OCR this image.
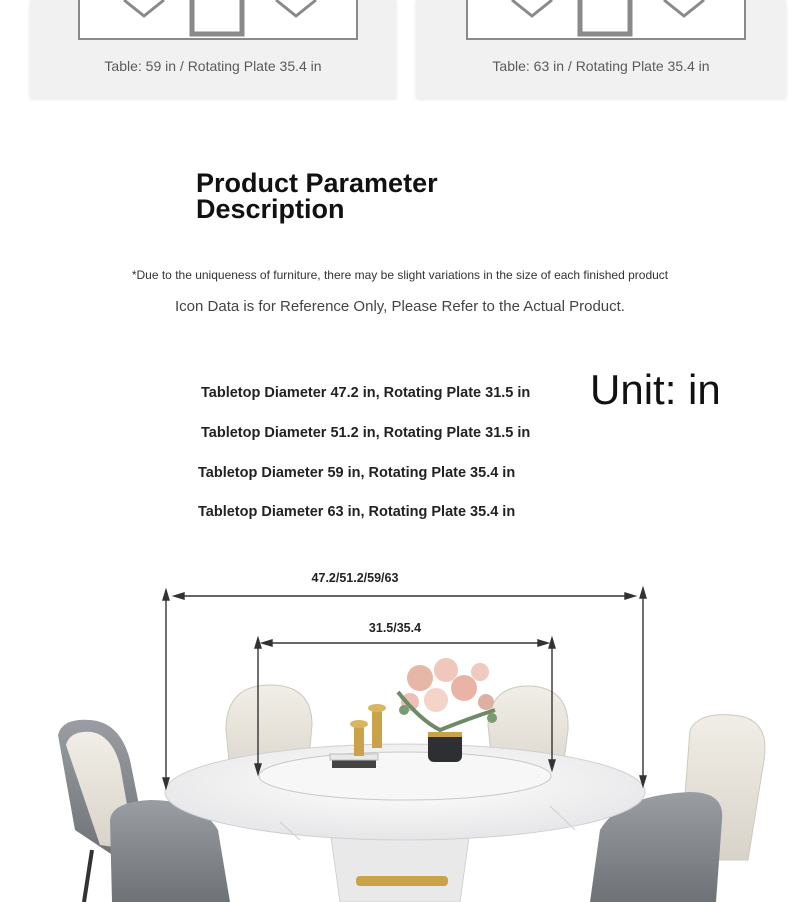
Table: 59 in / Rotating Plate 35.4 in	Table: 63 in / Rotating Plate 35.4 in
Product Parameter Description
*Due to the uniqueness of furniture, there may be slight variations in the size of each finished product
Icon Data is for Reference Only, Please Refer to the Actual Product.
Tabletop Diameter 47.2 in, Rotating Plate 31.5 in
Tabletop Diameter 51.2 in, Rotating Plate 31.5 in
Tabletop Diameter 59 in, Rotating Plate 35.4 in
Tabletop Diameter 63 in, Rotating Plate 35.4 in
Unit: in
47.2/51.2/59/63
31.5/35.4
